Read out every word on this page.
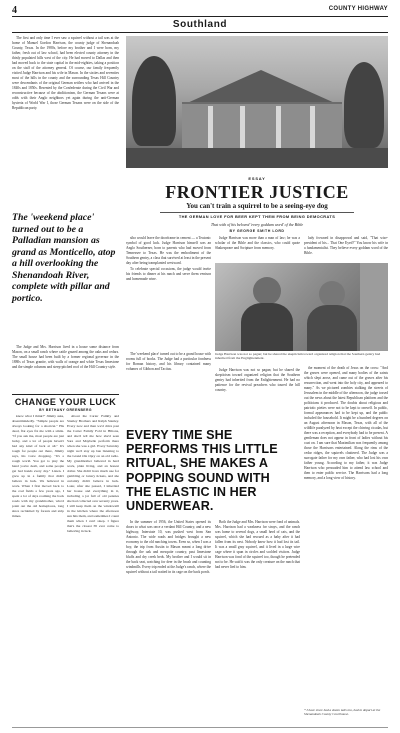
4	COUNTY HIGHWAY
Southland

The first and only time I ever saw a squirrel without a tail was at the home of Manuel Gordon Harrison, the county judge of Shenandoah County, Texas. In the 1980s, before my brother and I were born, my father, fresh out of law school, had been elected county attorney in the thinly populated hills west of the city. He had moved to Dallas and then had moved back to the state capital in the mid-eighties, taking a position on the staff of the attorney general. Of course, our family frequently visited Judge Harrison and his wife in Mason. In the sixties and seventies most of the hills in the county and the surrounding Texas Hill Country were descendants of the original German settlers who had arrived in the 1840s and 1850s. Resented by the Confederate during the Civil War and reconstructive because of the abolitionism, the German Texans were at odds with their Anglo neighbors yet again during the anti-German hysteria of World War I, those German Texans were on the side of the Republican party.

ESSAY
FRONTIER JUSTICE
You can't train a squirrel to be a seeing-eye dog
THE GERMAN LOVE FOR BEER KEPT THEM FROM BEING DEMOCRATS
That with of his beloved 'every goddam word' of the Bible
BY GEORGE SMITH LORD
The 'weekend place' turned out to be a Palladian mansion as grand as Monticello, atop a hill overlooking the Shenandoah River, complete with pillar and portico.

The Judge and Mrs. Harrison lived in a house some distance from Mason, on a small ranch where cattle grazed among the oaks and cedars. The small house had been built by a former regional governor in the 1880s of Texas granite, with walls of orange and white Texas limestone and the simple columns and steep-pitched roof of the Hill Country style.

CHANGE YOUR LUCK
BY BETHANY GREENBERG

know what I think?" Jimmy asks, absentmindedly. "Simple people are always looking for a shortcut." His dead, flat eyes fix me with a smile. "If you ask me, most people are just lucky, and a lot of people haven't had any kind of luck at all." It's tough for people out there, Jimmy says, his voice dropping. "It's a rough world. You got to play the hand you're dealt, and some people get bad hands every day." Listen. I grew up in a family that didn't believe in luck. We believed in work. When I first moved back to the coal fields a few years ago, I spent a lot of days roaming the back roads with my grandmother, who'd point out the old homeplaces, long since reclaimed by forests and strip mines.

About the Carter Family and Stanley Brothers and Ralph Stanley. Every now and then we'd drive past the Carter Family Fold in Hiltons, and she'd tell me how she'd seen Sara and Maybelle perform there when she was a girl. Every Saturday night we'd stay up late listening to the Grand Ole Opry on an old radio. My grandmother believed in hard work, plain living, and an honest dollar. She didn't have much use for gambling or lottery tickets, and she certainly didn't believe in luck. Later, after she passed, I inherited her house and everything in it, including a jar full of old pennies she had collected over seventy years. I still keep them on the windowsill in the kitchen where the afternoon sun hits them, and sometimes I count them when I can't sleep. I figure that's the closest I'll ever come to believing in luck.

sibo would leave the doorframe in cement — a Teutonic symbol of good luck. Judge Harrison himself was an Anglo Southerner, born to parents who had moved from Tennessee to Texas. He was the embodiment of the Southern gentry, a class that survived at least in the present day after being transplanted westward.

To celebrate special occasions, the judge would invite his friends to dinner at his ranch and serve them venison and homemade wine.

Judge Harrison was more than a man of law; he was a scholar of the Bible and the classics, who could quote Shakespeare and Scripture from memory.

lady frowned in disapproval and said, "That wise-president of his... That One Eyed?" You know his wife in a fundamentalist. They believe every goddam word of the Bible.

Judge Harrison was not so pagan; but he shared the skepticism toward organized religion that the Southern gentry had inherited from the Englightenment.

The 'weekend place' turned out to be a grand house with rooms full of books. The Judge had a particular fondness for Roman history, and his library contained many volumes of Gibbon and Tacitus.	Judge Harrison was not so pagan; but he shared the skepticism toward organized religion that the Southern gentry had inherited from the Enlightenment. He had no patience for the revival preachers who toured the hill country.

the moment of the death of Jesus on the cross: "And the graves were opened, and many bodies of the saints which slept arose, and came out of the graves after his resurrection, and went into the holy city, and appeared to many." As we pictured zombies stalking the streets of Jerusalem in the middle of the afternoon, the judge tossed out the news about the latest Republican platform and the politicians it produced. The doubts about religious and patriotic pieties were not to be kept to oneself. In public, formal appearances had to be kept up, and the public included the household. It might be a hundred degrees on an August afternoon in Mason, Texas, with all of the wildlife paralyzed by heat except the chirring cicadas, but there was a reception, and everybody had to be present. A gentleman does not appear in front of ladies without his coat on. I am sure that Maximilian was frequently among those the Harrisons entertained. Along the rims of the cedar ridges, the squirrels chattered. The Judge was a surrogate father for my own father, who had lost his own father young. According to my father, it was Judge Harrison who persuaded him to attend law school and then to enter public service. The Harrisons had a long memory, and a long view of history.

EVERY TIME SHE PERFORMS THIS LITTLE RITUAL, SHE MAKES A POPPING SOUND WITH THE ELASTIC IN HER UNDERWEAR.

In the summer of 1956, the United States opened its doors to what was once a verdant Hill Country, and a new highway, Interstate 10, was pushed west from San Antonio. The wide roads and bridges brought a new economy to the old ranching towns. Even so, when I was a boy, the trip from Austin to Mason meant a long drive through the oak and mesquite country, past limestone bluffs and dry creek beds. My brother and I would sit in the back seat, watching for deer in the brush and counting windmills. Every trip ended at the Judge's ranch, where the squirrel without a tail waited in its cage on the back porch.

Both the Judge and Mrs. Harrison were fond of animals. Mrs. Harrison had a weakness for strays, and the ranch was home to several dogs, a small herd of cats, and the squirrel, which she had rescued as a baby after it had fallen from its nest. Nobody knew how it had lost its tail. It was a small gray squirrel, and it lived in a large wire cage where it spun in circles and scolded visitors. Judge Harrison was fond of the squirrel too, though he pretended not to be. He said it was the only creature on the ranch that had never lied to him.

* I have since had a dozen tails too, had to depart at the Shenandoah County Courthouse.
